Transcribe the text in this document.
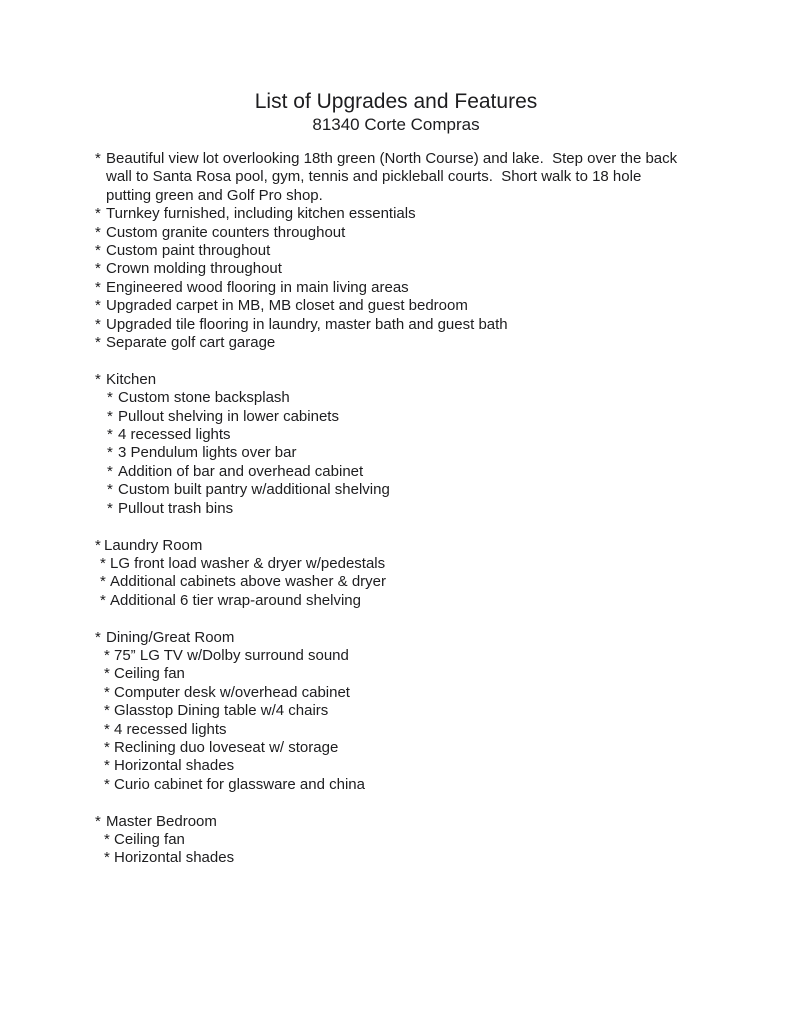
List of Upgrades and Features
81340 Corte Compras
* Beautiful view lot overlooking 18th green (North Course) and lake.  Step over the back wall to Santa Rosa pool, gym, tennis and pickleball courts.  Short walk to 18 hole putting green and Golf Pro shop.
* Turnkey furnished, including kitchen essentials
* Custom granite counters throughout
* Custom paint throughout
* Crown molding throughout
* Engineered wood flooring in main living areas
* Upgraded carpet in MB, MB closet and guest bedroom
* Upgraded tile flooring in laundry, master bath and guest bath
* Separate golf cart garage
* Kitchen
* Custom stone backsplash
* Pullout shelving in lower cabinets
* 4 recessed lights
* 3 Pendulum lights over bar
* Addition of bar and overhead cabinet
* Custom built pantry w/additional shelving
* Pullout trash bins
* Laundry Room
* LG front load washer & dryer w/pedestals
* Additional cabinets above washer & dryer
* Additional 6 tier wrap-around shelving
* Dining/Great Room
* 75” LG TV w/Dolby surround sound
* Ceiling fan
* Computer desk w/overhead cabinet
* Glasstop Dining table w/4 chairs
* 4 recessed lights
* Reclining duo loveseat w/ storage
* Horizontal shades
* Curio cabinet for glassware and china
* Master Bedroom
* Ceiling fan
* Horizontal shades
